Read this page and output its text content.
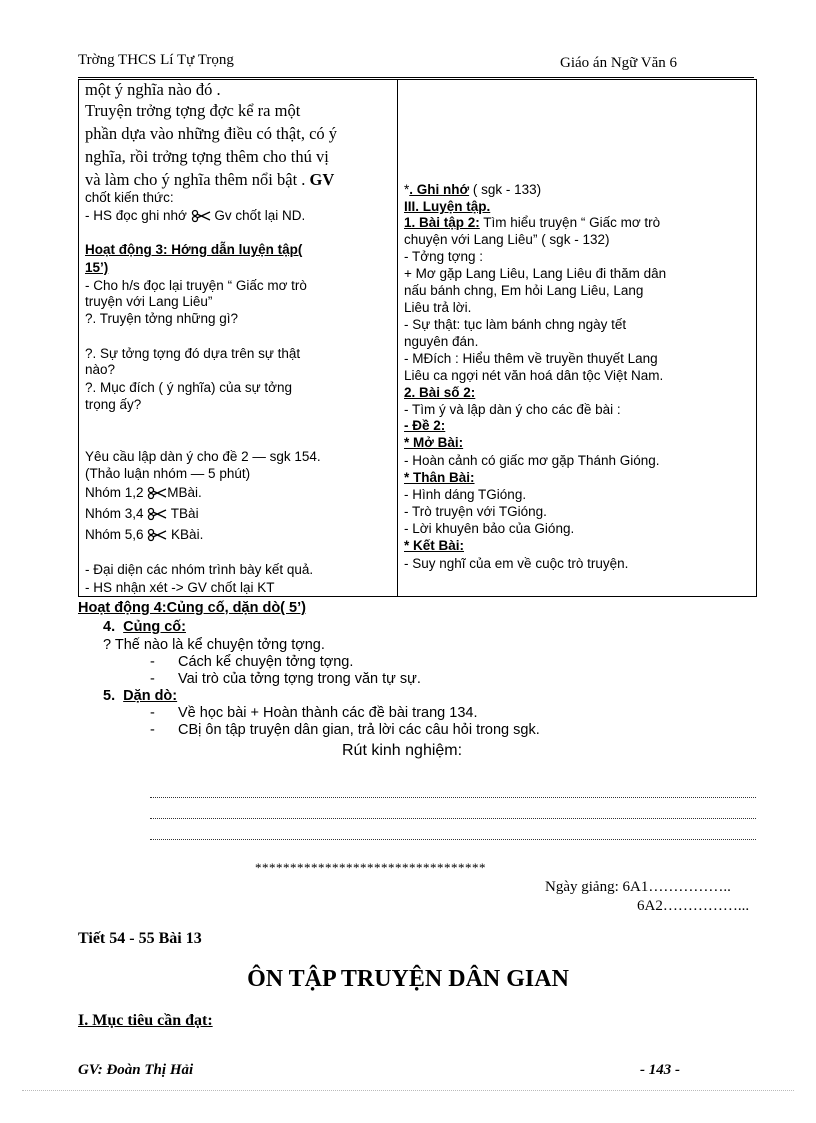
Trờng THCS Lí Tự Trọng	Giáo án Ngữ Văn 6
một ý nghĩa nào đó .
Truyện trởng tợng đợc kể ra một
phần dựa vào những điều có thật, có ý
nghĩa, rồi trởng tợng thêm cho thú vị
và làm cho ý nghĩa thêm nổi bật . GV
chốt kiến thức:
- HS đọc ghi nhớ  Gv chốt lại ND.
Hoạt động 3: Hớng dẫn luyện tập(
15’)
- Cho h/s đọc lại truyện “ Giấc mơ trò
truyện với Lang Liêu”
?. Truyện tởng những gì?
?. Sự tởng tợng đó dựa trên sự thật
nào?
?. Mục đích ( ý nghĩa) của sự tởng
trọng ấy?
Yêu cầu lập dàn ý cho đề 2 — sgk 154.
(Thảo luận nhóm — 5 phút)
Nhóm 1,2 MBài.
Nhóm 3,4  TBài
Nhóm 5,6  KBài.
- Đại diện các nhóm trình bày kết quả.
- HS nhận xét -> GV chốt lại KT

*. Ghi nhớ ( sgk - 133)
III. Luyện tập.
1. Bài tập 2: Tìm hiểu truyện “ Giấc mơ trò
chuyện với Lang Liêu” ( sgk - 132)
- Tởng tợng :
+ Mơ gặp Lang Liêu, Lang Liêu đi thăm dân
nấu bánh chng, Em hỏi Lang Liêu, Lang
Liêu trả lời.
- Sự thật: tục làm bánh chng ngày tết
nguyên đán.
- MĐích : Hiểu thêm về truyền thuyết Lang
Liêu ca ngợi nét văn hoá dân tộc Việt Nam.
2. Bài số 2:
- Tìm ý và lập dàn ý cho các đề bài :
- Đề 2:
* Mở Bài:
- Hoàn cảnh có giấc mơ gặp Thánh Gióng.
* Thân Bài:
- Hình dáng TGióng.
- Trò truyện với TGióng.
- Lời khuyên bảo của Gióng.
* Kết Bài:
- Suy nghĩ của em về cuộc trò truyện.
Hoạt động 4:Củng cố, dặn dò( 5’)
4. Củng cố:
? Thế nào là kể chuyện tởng tợng.
- Cách kể chuyện tởng tợng.
- Vai trò của tởng tợng trong văn tự sự.
5. Dặn dò:
- Về học bài + Hoàn thành các đề bài trang 134.
- CBị ôn tập truyện dân gian, trả lời các câu hỏi trong sgk.
Rút kinh nghiệm:
*********************************
Ngày giảng: 6A1……………..
6A2……………...
Tiết 54 - 55 Bài 13
ÔN TẬP TRUYỆN DÂN GIAN
I. Mục tiêu cần đạt:
GV: Đoàn Thị Hải	- 143 -
